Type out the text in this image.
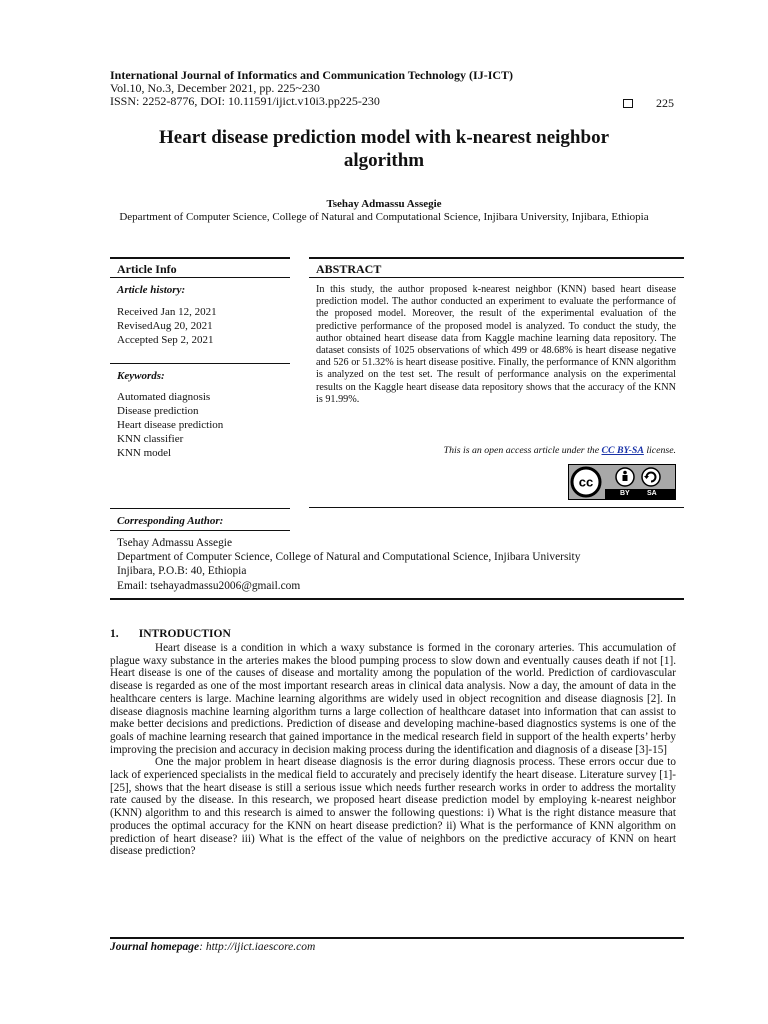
International Journal of Informatics and Communication Technology (IJ-ICT)
Vol.10, No.3, December 2021, pp. 225~230
ISSN: 2252-8776, DOI: 10.11591/ijict.v10i3.pp225-230	225
Heart disease prediction model with k-nearest neighbor
algorithm
Tsehay Admassu Assegie
Department of Computer Science, College of Natural and Computational Science, Injibara University, Injibara, Ethiopia
Article Info
Article history:
Received Jan 12, 2021
RevisedAug 20, 2021
Accepted Sep 2, 2021
Keywords:
Automated diagnosis
Disease prediction
Heart disease prediction
KNN classifier
KNN model
ABSTRACT
In this study, the author proposed k-nearest neighbor (KNN) based heart disease prediction model. The author conducted an experiment to evaluate the performance of the proposed model. Moreover, the result of the experimental evaluation of the predictive performance of the proposed model is analyzed. To conduct the study, the author obtained heart disease data from Kaggle machine learning data repository. The dataset consists of 1025 observations of which 499 or 48.68% is heart disease negative and 526 or 51.32% is heart disease positive. Finally, the performance of KNN algorithm is analyzed on the test set. The result of performance analysis on the experimental results on the Kaggle heart disease data repository shows that the accuracy of the KNN is 91.99%.
This is an open access article under the CC BY-SA license.
cc
BY SA
Corresponding Author:
Tsehay Admassu Assegie
Department of Computer Science, College of Natural and Computational Science, Injibara University
Injibara, P.O.B: 40, Ethiopia
Email: tsehayadmassu2006@gmail.com
1.       INTRODUCTION

Heart disease is a condition in which a waxy substance is formed in the coronary arteries. This accumulation of plague waxy substance in the arteries makes the blood pumping process to slow down and eventually causes death if not [1]. Heart disease is one of the causes of disease and mortality among the population of the world. Prediction of cardiovascular disease is regarded as one of the most important research areas in clinical data analysis. Now a day, the amount of data in the healthcare centers is large. Machine learning algorithms are widely used in object recognition and disease diagnosis [2]. In disease diagnosis machine learning algorithm turns a large collection of healthcare dataset into information that can assist to make better decisions and predictions. Prediction of disease and developing machine-based diagnostics systems is one of the goals of machine learning research that gained importance in the medical research field in support of the health experts’ herby improving the precision and accuracy in decision making process during the identification and diagnosis of a disease [3]-15]

One the major problem in heart disease diagnosis is the error during diagnosis process. These errors occur due to lack of experienced specialists in the medical field to accurately and precisely identify the heart disease. Literature survey [1]-[25], shows that the heart disease is still a serious issue which needs further research works in order to address the mortality rate caused by the disease. In this research, we proposed heart disease prediction model by employing k-nearest neighbor (KNN) algorithm to and this research is aimed to answer the following questions: i) What is the right distance measure that produces the optimal accuracy for the KNN on heart disease prediction? ii) What is the performance of KNN algorithm on prediction of heart disease? iii) What is the effect of the value of neighbors on the predictive accuracy of KNN on heart disease prediction?

Journal homepage: http://ijict.iaescore.com
